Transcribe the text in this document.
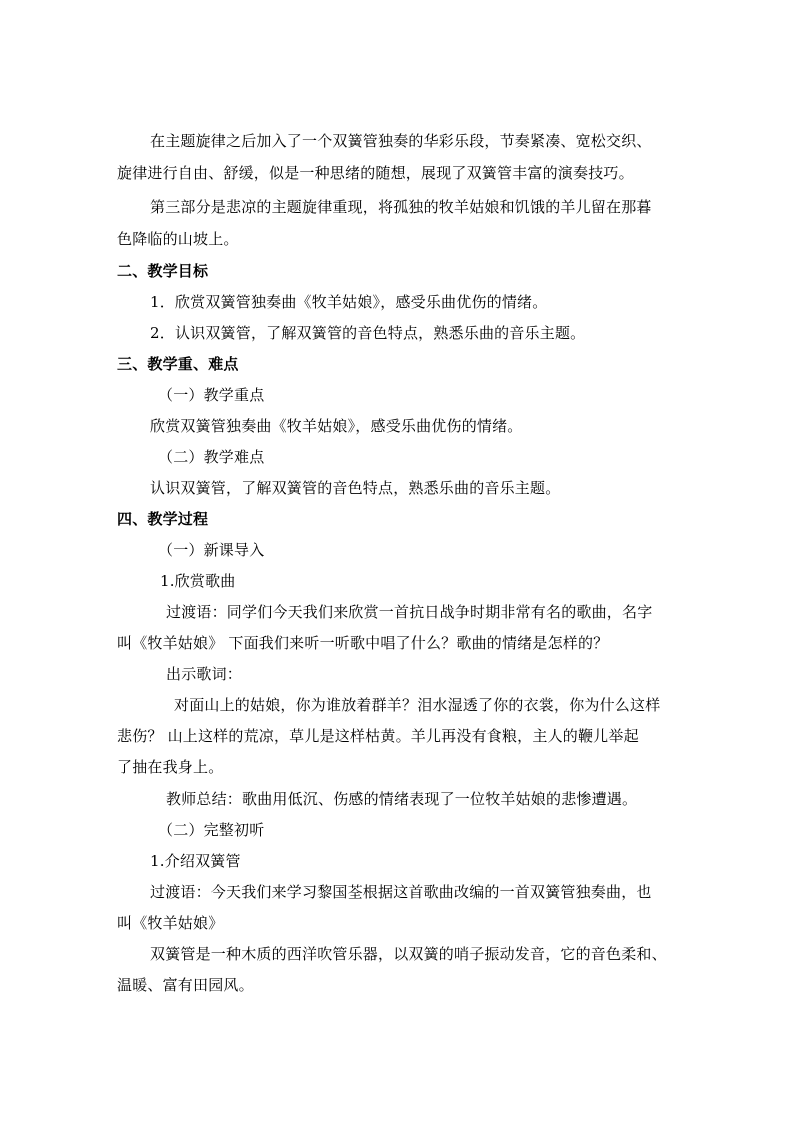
在主题旋律之后加入了一个双簧管独奏的华彩乐段，节奏紧凑、宽松交织、
旋律进行自由、舒缓，似是一种思绪的随想，展现了双簧管丰富的演奏技巧。
第三部分是悲凉的主题旋律重现，将孤独的牧羊姑娘和饥饿的羊儿留在那暮
色降临的山坡上。
二、教学目标
1．欣赏双簧管独奏曲《牧羊姑娘》，感受乐曲优伤的情绪。
2．认识双簧管，了解双簧管的音色特点，熟悉乐曲的音乐主题。
三、教学重、难点
（一）教学重点
欣赏双簧管独奏曲《牧羊姑娘》，感受乐曲优伤的情绪。
（二）教学难点
认识双簧管，了解双簧管的音色特点，熟悉乐曲的音乐主题。
四、教学过程
（一）新课导入
1.欣赏歌曲
过渡语：同学们今天我们来欣赏一首抗日战争时期非常有名的歌曲，名字
叫《牧羊姑娘》 下面我们来听一听歌中唱了什么？歌曲的情绪是怎样的？
出示歌词：
对面山上的姑娘，你为谁放着群羊？泪水湿透了你的衣裳，你为什么这样
悲伤？ 山上这样的荒凉，草儿是这样枯黄。羊儿再没有食粮，主人的鞭儿举起
了抽在我身上。
教师总结：歌曲用低沉、伤感的情绪表现了一位牧羊姑娘的悲惨遭遇。
（二）完整初听
1.介绍双簧管
过渡语：今天我们来学习黎国荃根据这首歌曲改编的一首双簧管独奏曲，也
叫《牧羊姑娘》
双簧管是一种木质的西洋吹管乐器，以双簧的哨子振动发音，它的音色柔和、
温暖、富有田园风。
